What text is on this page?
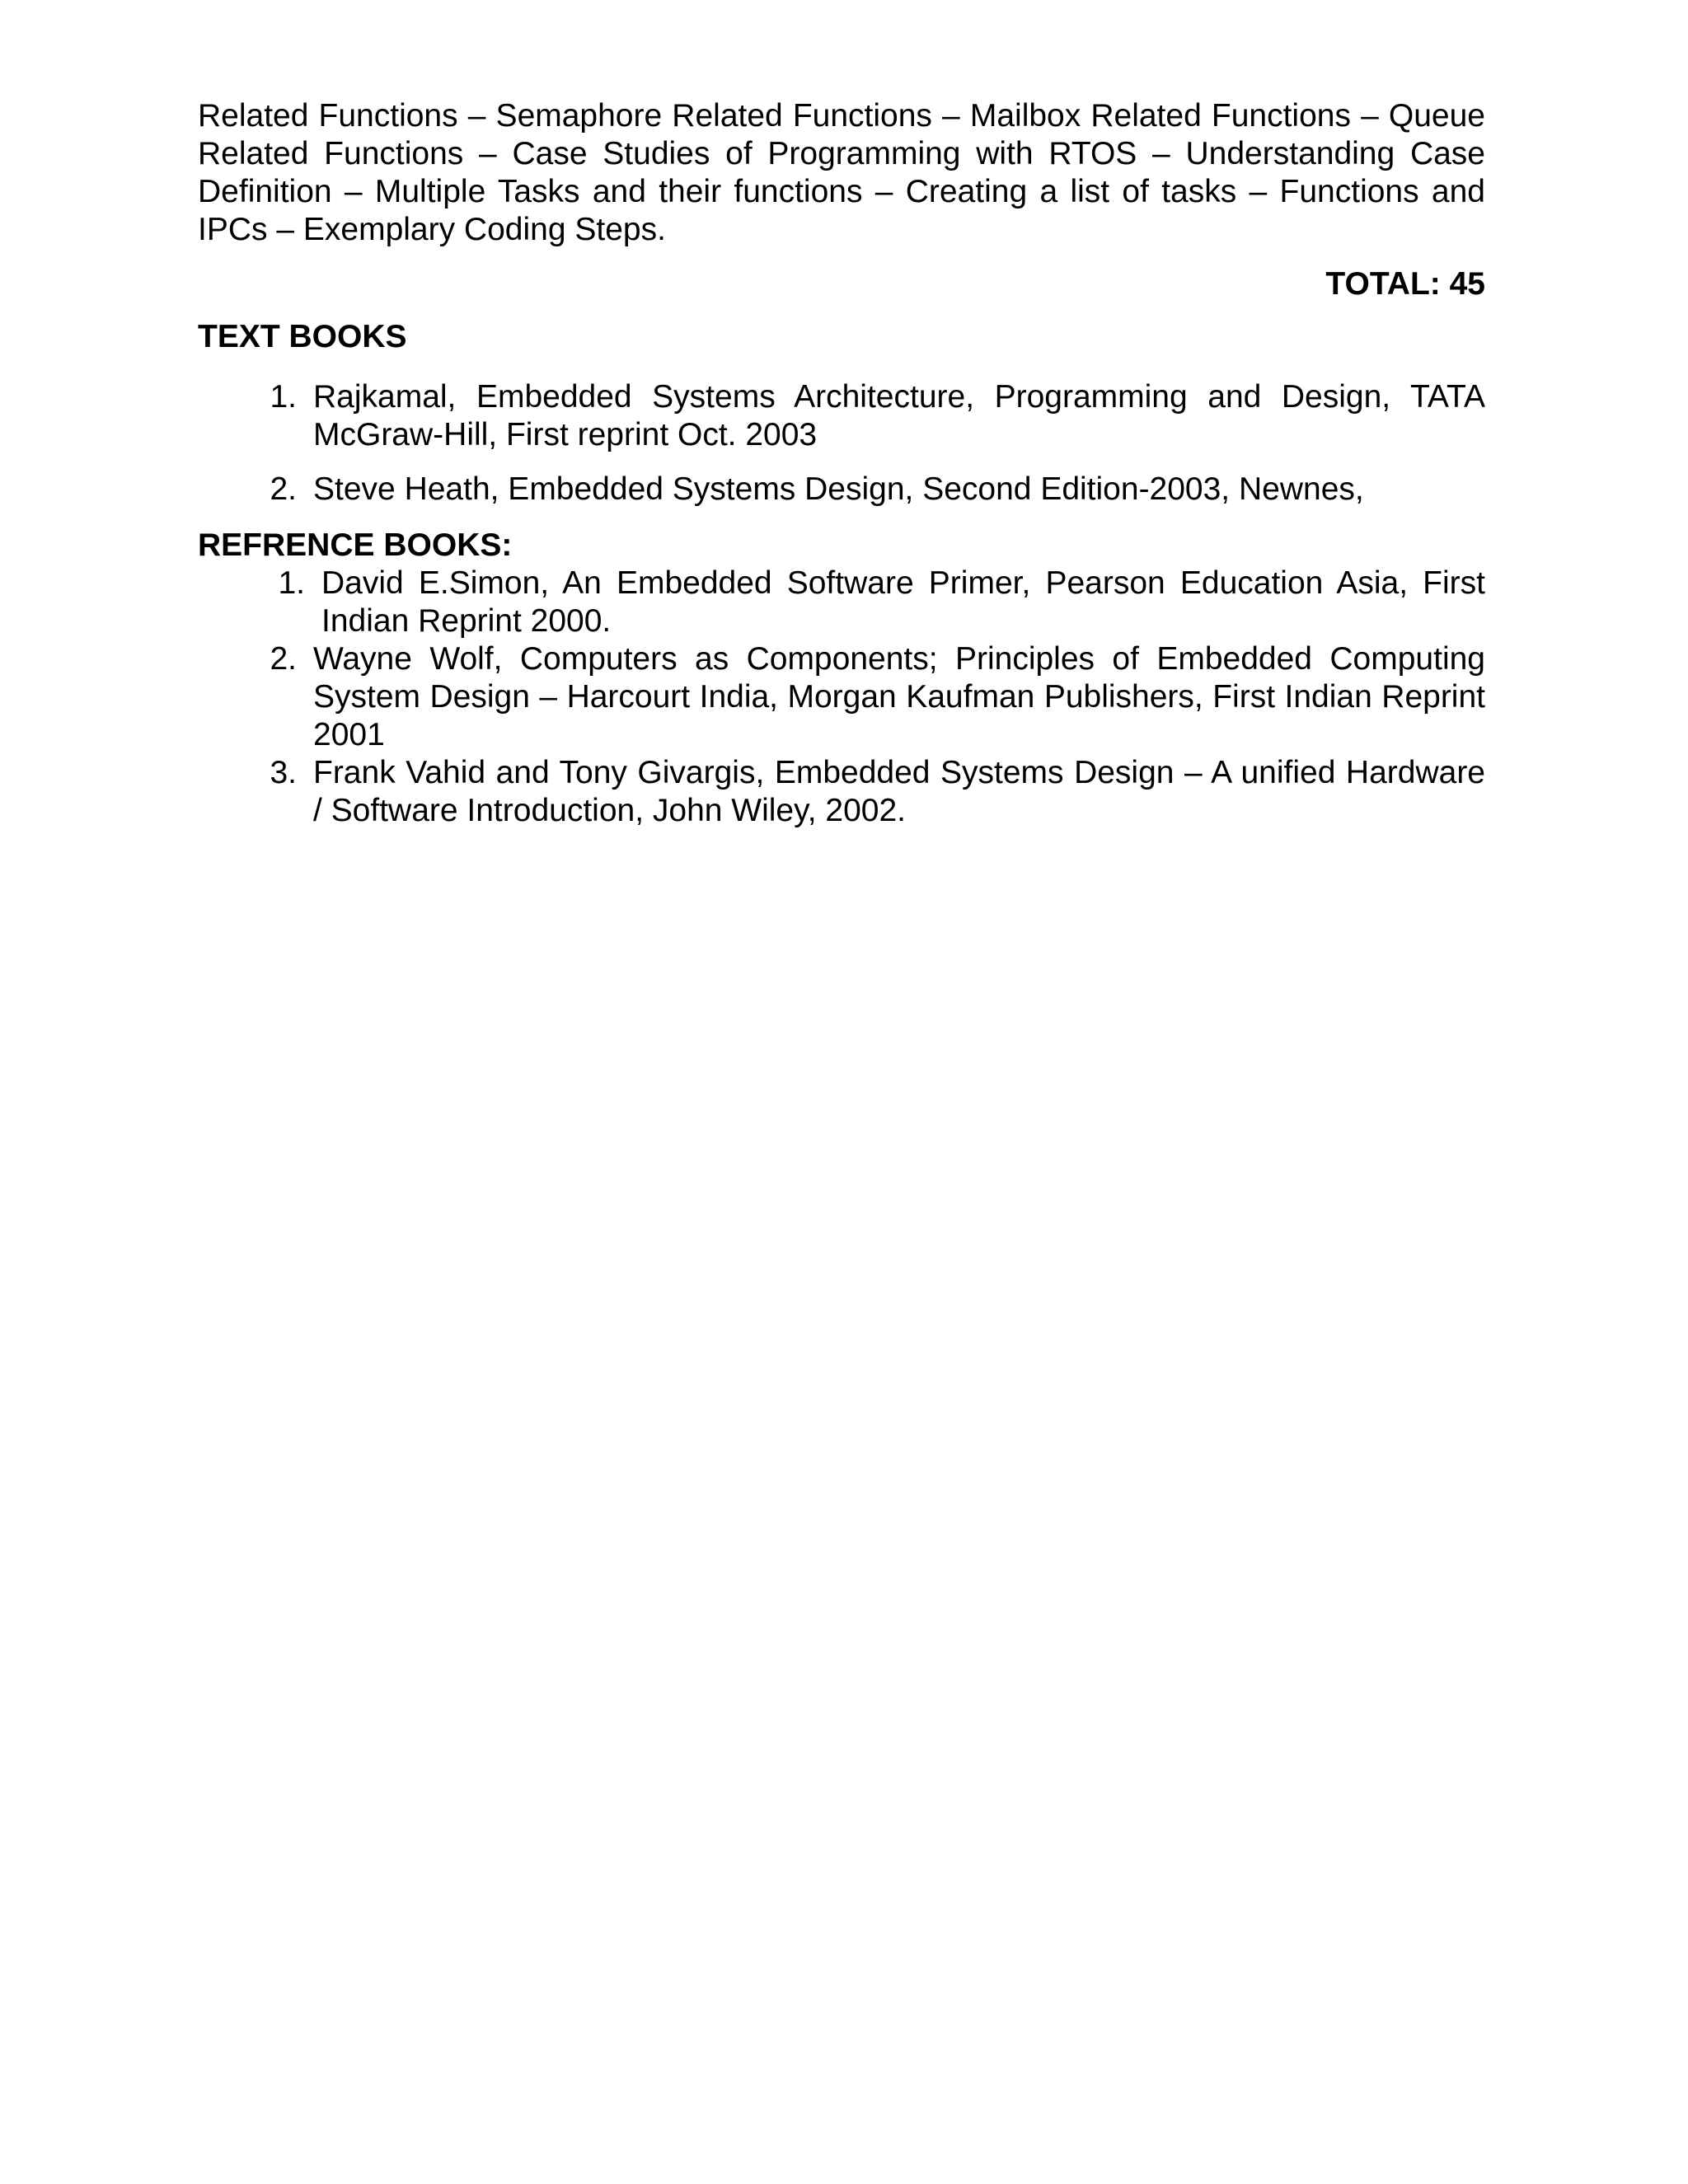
Related Functions – Semaphore Related Functions – Mailbox Related Functions – Queue Related Functions – Case Studies of Programming with RTOS – Understanding Case Definition – Multiple Tasks and their functions – Creating a list of tasks – Functions and IPCs – Exemplary Coding Steps.

TOTAL: 45
TEXT BOOKS
1. Rajkamal, Embedded Systems Architecture, Programming and Design, TATA McGraw-Hill, First reprint Oct. 2003
2. Steve Heath, Embedded Systems Design, Second Edition-2003, Newnes,
REFRENCE BOOKS:
1. David E.Simon, An Embedded Software Primer, Pearson Education Asia, First Indian Reprint 2000.
2. Wayne Wolf, Computers as Components; Principles of Embedded Computing System Design – Harcourt India, Morgan Kaufman Publishers, First Indian Reprint 2001
3. Frank Vahid and Tony Givargis, Embedded Systems Design – A unified Hardware / Software Introduction, John Wiley, 2002.
